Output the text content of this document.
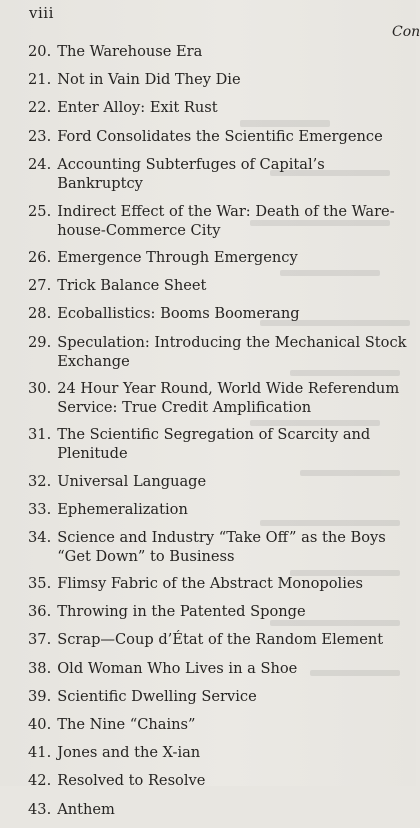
viii
Con
20. The Warehouse Era
21. Not in Vain Did They Die
22. Enter Alloy: Exit Rust
23. Ford Consolidates the Scientific Emergence
24. Accounting Subterfuges of Capital’s Bankruptcy
25. Indirect Effect of the War: Death of the Ware-
house-Commerce City
26. Emergence Through Emergency
27. Trick Balance Sheet
28. Ecoballistics: Booms Boomerang
29. Speculation: Introducing the Mechanical Stock
Exchange
30. 24 Hour Year Round, World Wide Referendum
Service: True Credit Amplification
31. The Scientific Segregation of Scarcity and Plenitude
32. Universal Language
33. Ephemeralization
34. Science and Industry “Take Off” as the Boys
“Get Down” to Business
35. Flimsy Fabric of the Abstract Monopolies
36. Throwing in the Patented Sponge
37. Scrap—Coup d’État of the Random Element
38. Old Woman Who Lives in a Shoe
39. Scientific Dwelling Service
40. The Nine “Chains”
41. Jones and the X-ian
42. Resolved to Resolve
43. Anthem
